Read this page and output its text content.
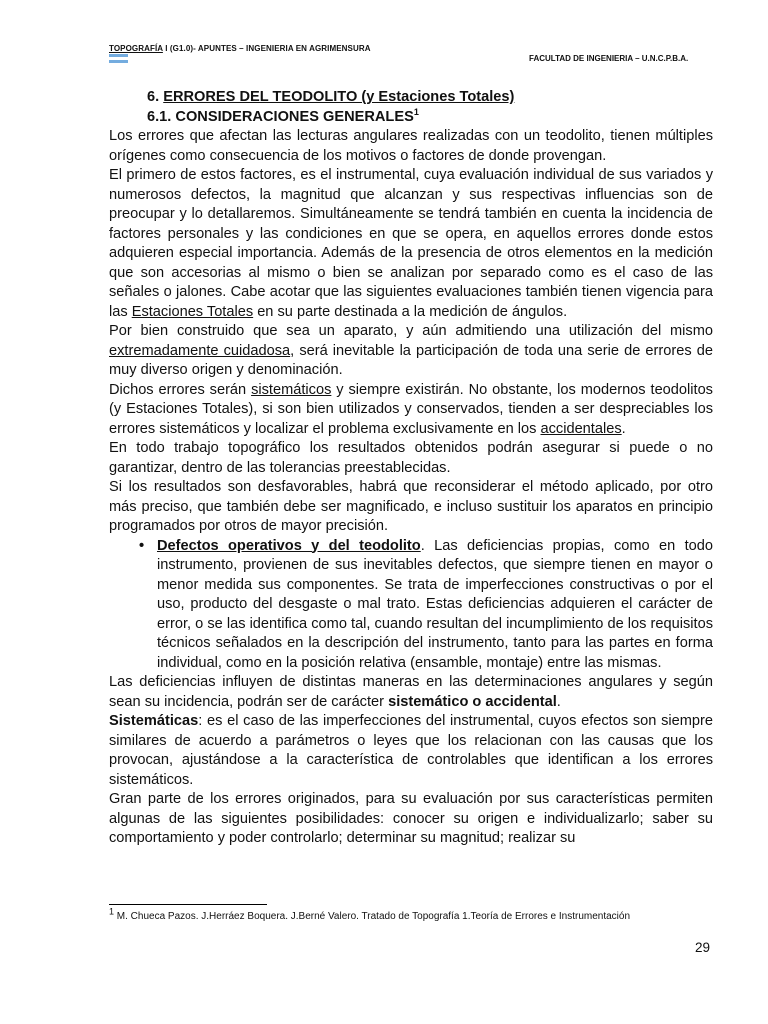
TOPOGRAFÍA I (G1.0)- APUNTES – INGENIERIA EN AGRIMENSURA
FACULTAD DE INGENIERIA – U.N.C.P.B.A.

6. ERRORES DEL TEODOLITO (y Estaciones Totales)

6.1. CONSIDERACIONES GENERALES$^1$

Los errores que afectan las lecturas angulares realizadas con un teodolito, tienen múltiples orígenes como consecuencia de los motivos o factores de donde provengan.

El primero de estos factores, es el instrumental, cuya evaluación individual de sus variados y numerosos defectos, la magnitud que alcanzan y sus respectivas influencias son de preocupar y lo detallaremos. Simultáneamente se tendrá también en cuenta la incidencia de factores personales y las condiciones en que se opera, en aquellos errores donde estos adquieren especial importancia. Además de la presencia de otros elementos en la medición que son accesorias al mismo o bien se analizan por separado como es el caso de las señales o jalones. Cabe acotar que las siguientes evaluaciones también tienen vigencia para las Estaciones Totales en su parte destinada a la medición de ángulos.

Por bien construido que sea un aparato, y aún admitiendo una utilización del mismo extremadamente cuidadosa, será inevitable la participación de toda una serie de errores de muy diverso origen y denominación.

Dichos errores serán sistemáticos y siempre existirán. No obstante, los modernos teodolitos (y Estaciones Totales), si son bien utilizados y conservados, tienden a ser despreciables los errores sistemáticos y localizar el problema exclusivamente en los accidentales.

En todo trabajo topográfico los resultados obtenidos podrán asegurar si puede o no garantizar, dentro de las tolerancias preestablecidas.

Si los resultados son desfavorables, habrá que reconsiderar el método aplicado, por otro más preciso, que también debe ser magnificado, e incluso sustituir los aparatos en principio programados por otros de mayor precisión.

• Defectos operativos y del teodolito. Las deficiencias propias, como en todo instrumento, provienen de sus inevitables defectos, que siempre tienen en mayor o menor medida sus componentes. Se trata de imperfecciones constructivas o por el uso, producto del desgaste o mal trato. Estas deficiencias adquieren el carácter de error, o se las identifica como tal, cuando resultan del incumplimiento de los requisitos técnicos señalados en la descripción del instrumento, tanto para las partes en forma individual, como en la posición relativa (ensamble, montaje) entre las mismas.

Las deficiencias influyen de distintas maneras en las determinaciones angulares y según sean su incidencia, podrán ser de carácter sistemático o accidental.

Sistemáticas: es el caso de las imperfecciones del instrumental, cuyos efectos son siempre similares de acuerdo a parámetros o leyes que los relacionan con las causas que los provocan, ajustándose a la característica de controlables que identifican a los errores sistemáticos.

Gran parte de los errores originados, para su evaluación por sus características permiten algunas de las siguientes posibilidades: conocer su origen e individualizarlo; saber su comportamiento y poder controlarlo; determinar su magnitud; realizar su

$^1$ M. Chueca Pazos. J.Herráez Boquera. J.Berné Valero. Tratado de Topografía 1.Teoría de Errores e Instrumentación
29
